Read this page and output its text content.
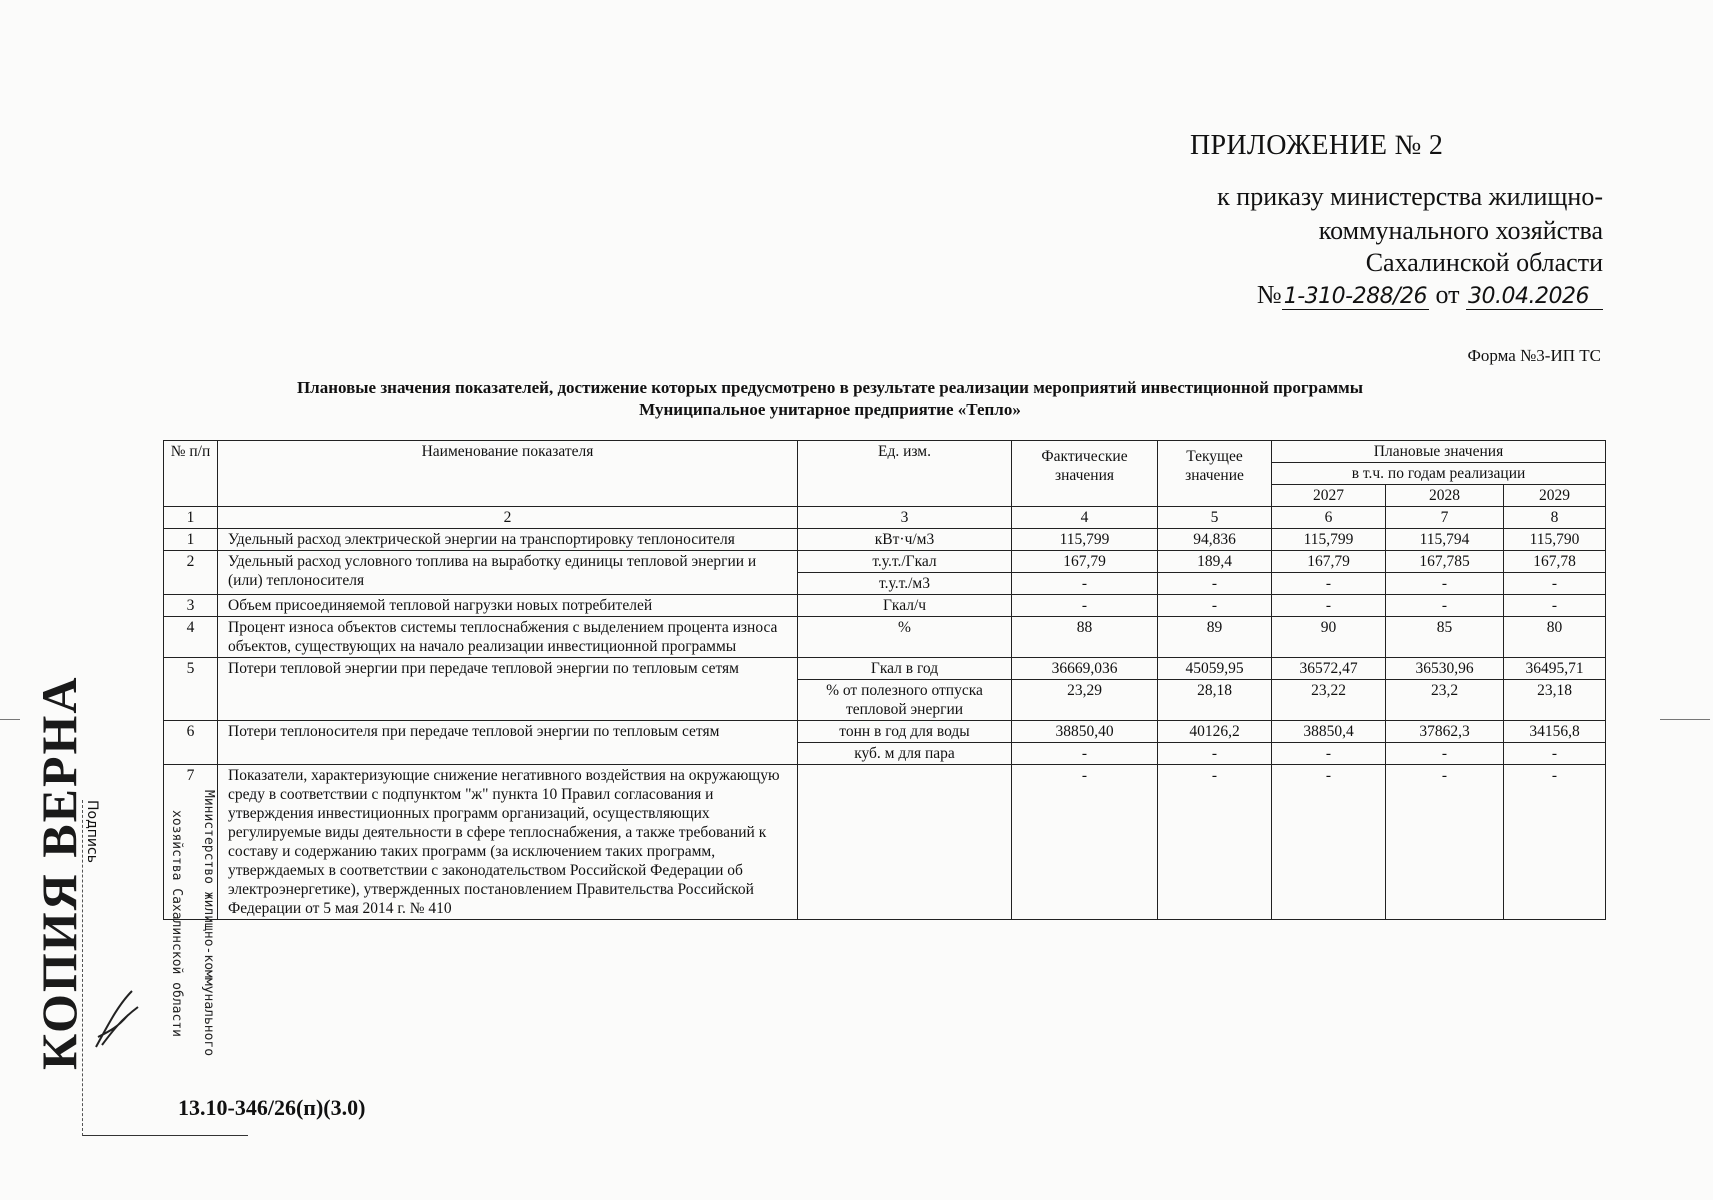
ПРИЛОЖЕНИЕ № 2
к приказу министерства жилищно-
коммунального хозяйства
Сахалинской области
№1-310-288/26 от 30.04.2026
Форма №3-ИП ТС
Плановые значения показателей, достижение которых предусмотрено в результате реализации мероприятий инвестиционной программы
Муниципальное унитарное предприятие «Тепло»
№ п/п	Наименование показателя	Ед. изм.	Фактические значения	Текущее значение	Плановые значения		
					в т.ч. по годам реализации		
					2027	2028	2029
1	2	3	4	5	6	7	8
1	Удельный расход электрической энергии на транспортировку теплоносителя	кВт·ч/м3	115,799	94,836	115,799	115,794	115,790
2	Удельный расход условного топлива на выработку единицы тепловой энергии и (или) теплоносителя	т.у.т./Гкал	167,79	189,4	167,79	167,785	167,78
		т.у.т./м3	-	-	-	-	-
3	Объем присоединяемой тепловой нагрузки новых потребителей	Гкал/ч	-	-	-	-	-
4	Процент износа объектов системы теплоснабжения с выделением процента износа объектов, существующих на начало реализации инвестиционной программы	%	88	89	90	85	80
5	Потери тепловой энергии при передаче тепловой энергии по тепловым сетям	Гкал в год	36669,036	45059,95	36572,47	36530,96	36495,71
		% от полезного отпуска тепловой энергии	23,29	28,18	23,22	23,2	23,18
6	Потери теплоносителя при передаче тепловой энергии по тепловым сетям	тонн в год для воды	38850,40	40126,2	38850,4	37862,3	34156,8
		куб. м для пара	-	-	-	-	-
7	Показатели, характеризующие снижение негативного воздействия на окружающую среду в соответствии с подпунктом "ж" пункта 10 Правил согласования и утверждения инвестиционных программ организаций, осуществляющих регулируемые виды деятельности в сфере теплоснабжения, а также требований к составу и содержанию таких программ (за исключением таких программ, утверждаемых в соответствии с законодательством Российской Федерации об электроэнергетике), утвержденных постановлением Правительства Российской Федерации от 5 мая 2014 г. № 410		-	-	-	-	-
КОПИЯ ВЕРНА	Министерство жилищно-коммунального
хозяйства Сахалинской области
Подпись
13.10-346/26(п)(3.0)
